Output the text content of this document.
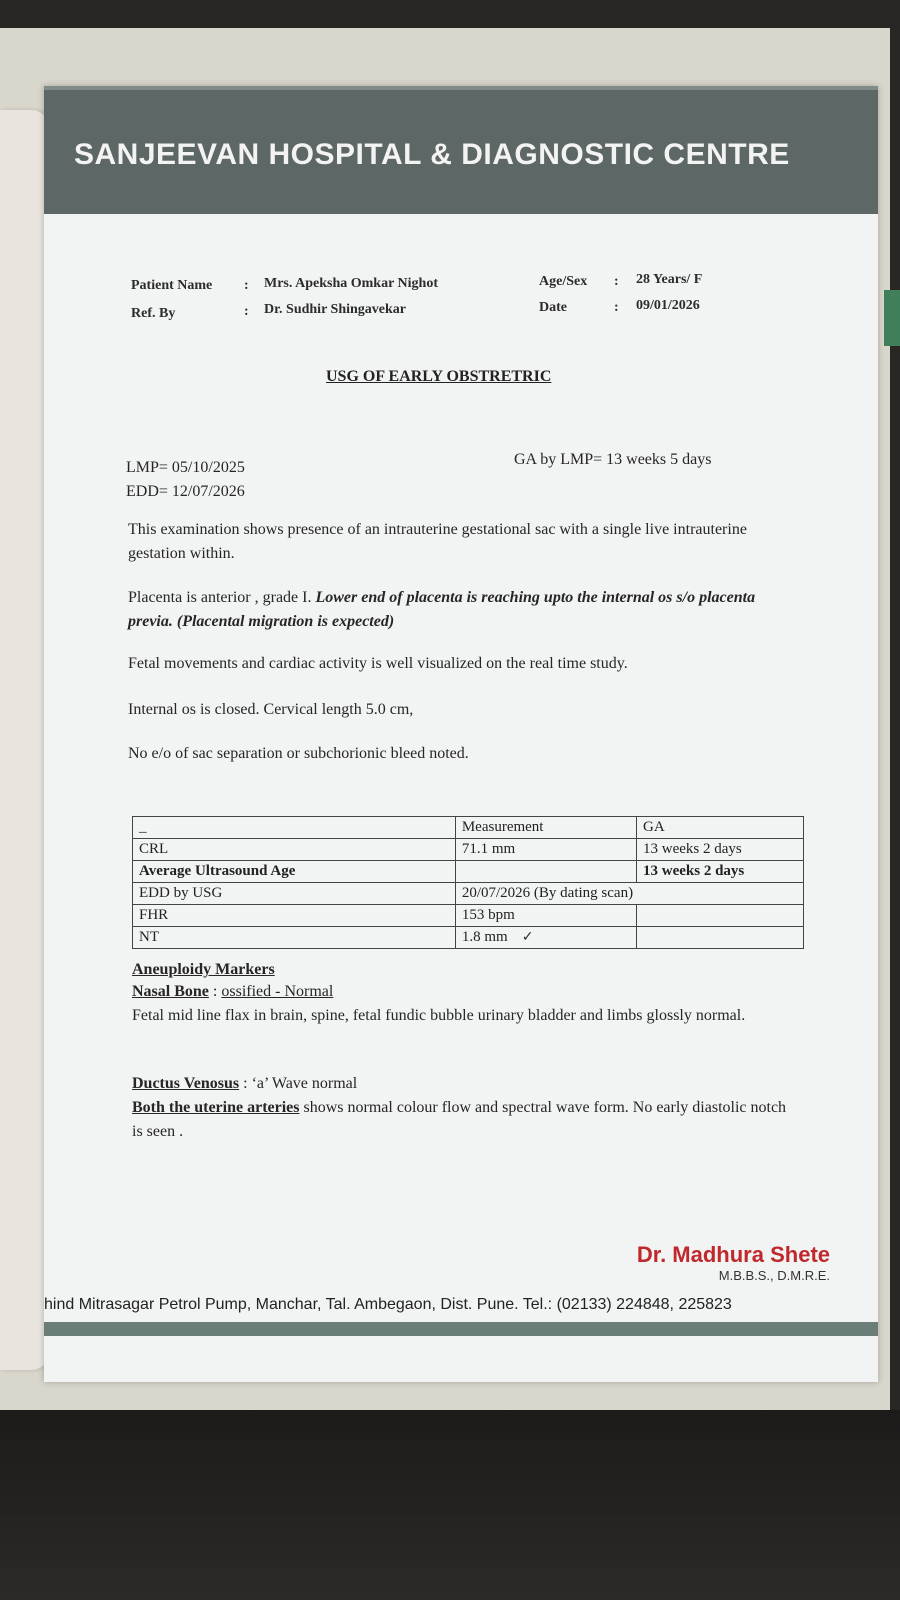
SANJEEVAN HOSPITAL & DIAGNOSTIC CENTRE
Patient Name : Mrs. Apeksha Omkar Nighot
Ref. By	: Dr. Sudhir Shingavekar
Age/Sex : 28 Years/ F
Date	: 09/01/2026
USG OF EARLY OBSTRETRIC
LMP= 05/10/2025
EDD= 12/07/2026
GA by LMP= 13 weeks 5 days
This examination shows presence of an intrauterine gestational sac with a single live intrauterine gestation within.
Placenta is anterior , grade I. Lower end of placenta is reaching upto the internal os s/o placenta previa. (Placental migration is expected)
Fetal movements and cardiac activity is well visualized on the real time study.
Internal os is closed. Cervical length 5.0 cm,
No e/o of sac separation or subchorionic bleed noted.
_	Measurement	GA
CRL	71.1 mm	13 weeks 2 days
Average Ultrasound Age		13 weeks 2 days
EDD by USG	20/07/2026 (By dating scan)	
FHR	153 bpm	
NT	1.8 mm ✓	
Aneuploidy Markers
Nasal Bone : ossified - Normal
Fetal mid line flax in brain, spine, fetal fundic bubble urinary bladder and limbs glossly normal.
Ductus Venosus : ‘a’ Wave normal
Both the uterine arteries shows normal colour flow and spectral wave form. No early diastolic notch is seen .
Dr. Madhura Shete
M.B.B.S., D.M.R.E.
hind Mitrasagar Petrol Pump, Manchar, Tal. Ambegaon, Dist. Pune. Tel.: (02133) 224848, 225823
